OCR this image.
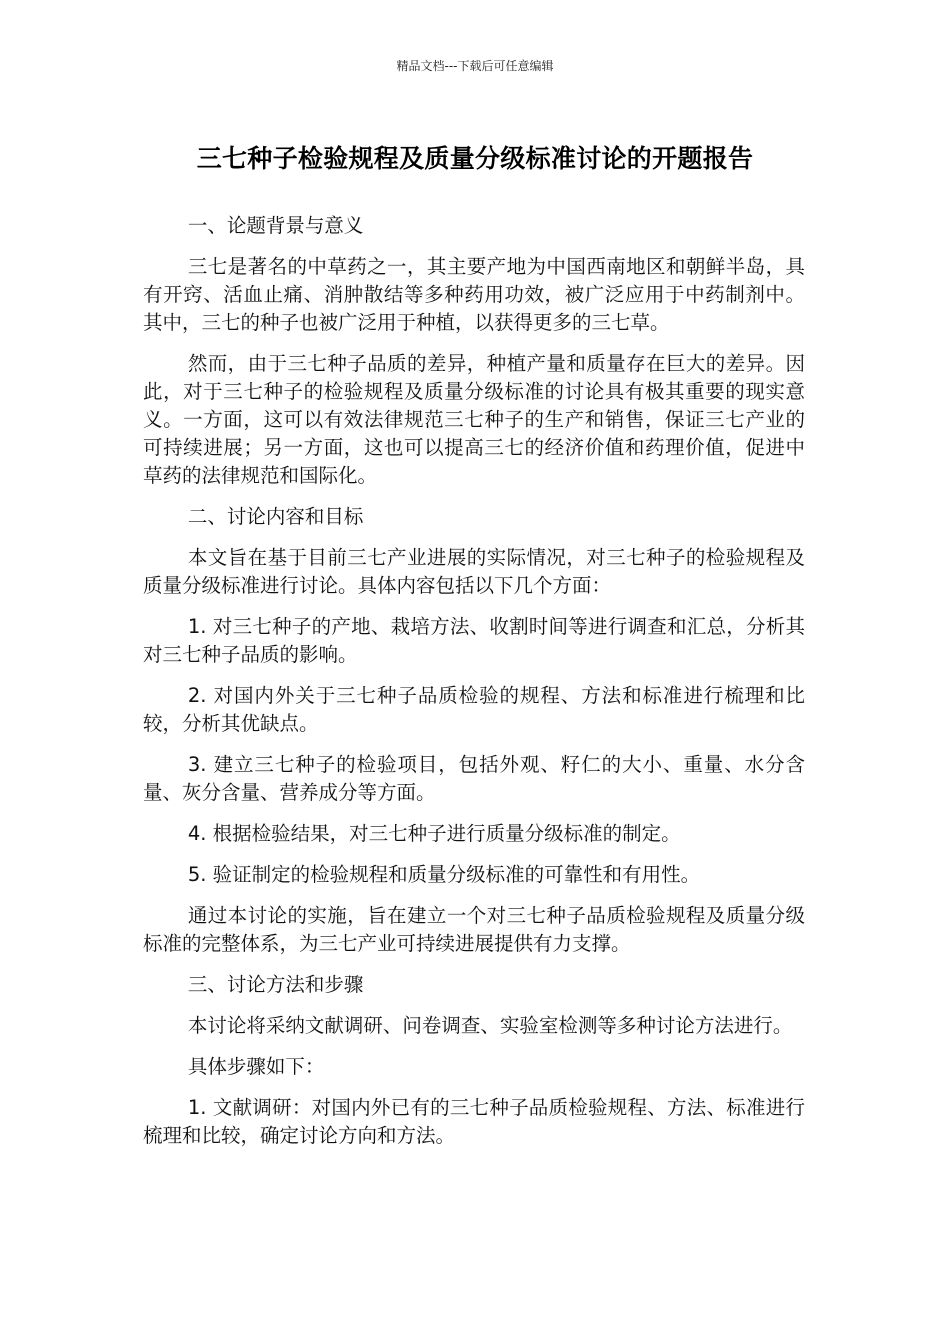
精品文档---下载后可任意编辑
三七种子检验规程及质量分级标准讨论的开题报告

一、论题背景与意义

三七是著名的中草药之一，其主要产地为中国西南地区和朝鲜半岛，具有开窍、活血止痛、消肿散结等多种药用功效，被广泛应用于中药制剂中。其中，三七的种子也被广泛用于种植，以获得更多的三七草。

然而，由于三七种子品质的差异，种植产量和质量存在巨大的差异。因此，对于三七种子的检验规程及质量分级标准的讨论具有极其重要的现实意义。一方面，这可以有效法律规范三七种子的生产和销售，保证三七产业的可持续进展；另一方面，这也可以提高三七的经济价值和药理价值，促进中草药的法律规范和国际化。

二、讨论内容和目标

本文旨在基于目前三七产业进展的实际情况，对三七种子的检验规程及质量分级标准进行讨论。具体内容包括以下几个方面：

1. 对三七种子的产地、栽培方法、收割时间等进行调查和汇总，分析其对三七种子品质的影响。

2. 对国内外关于三七种子品质检验的规程、方法和标准进行梳理和比较，分析其优缺点。

3. 建立三七种子的检验项目，包括外观、籽仁的大小、重量、水分含量、灰分含量、营养成分等方面。

4. 根据检验结果，对三七种子进行质量分级标准的制定。

5. 验证制定的检验规程和质量分级标准的可靠性和有用性。

通过本讨论的实施，旨在建立一个对三七种子品质检验规程及质量分级标准的完整体系，为三七产业可持续进展提供有力支撑。

三、讨论方法和步骤

本讨论将采纳文献调研、问卷调查、实验室检测等多种讨论方法进行。

具体步骤如下：

1. 文献调研：对国内外已有的三七种子品质检验规程、方法、标准进行梳理和比较，确定讨论方向和方法。
